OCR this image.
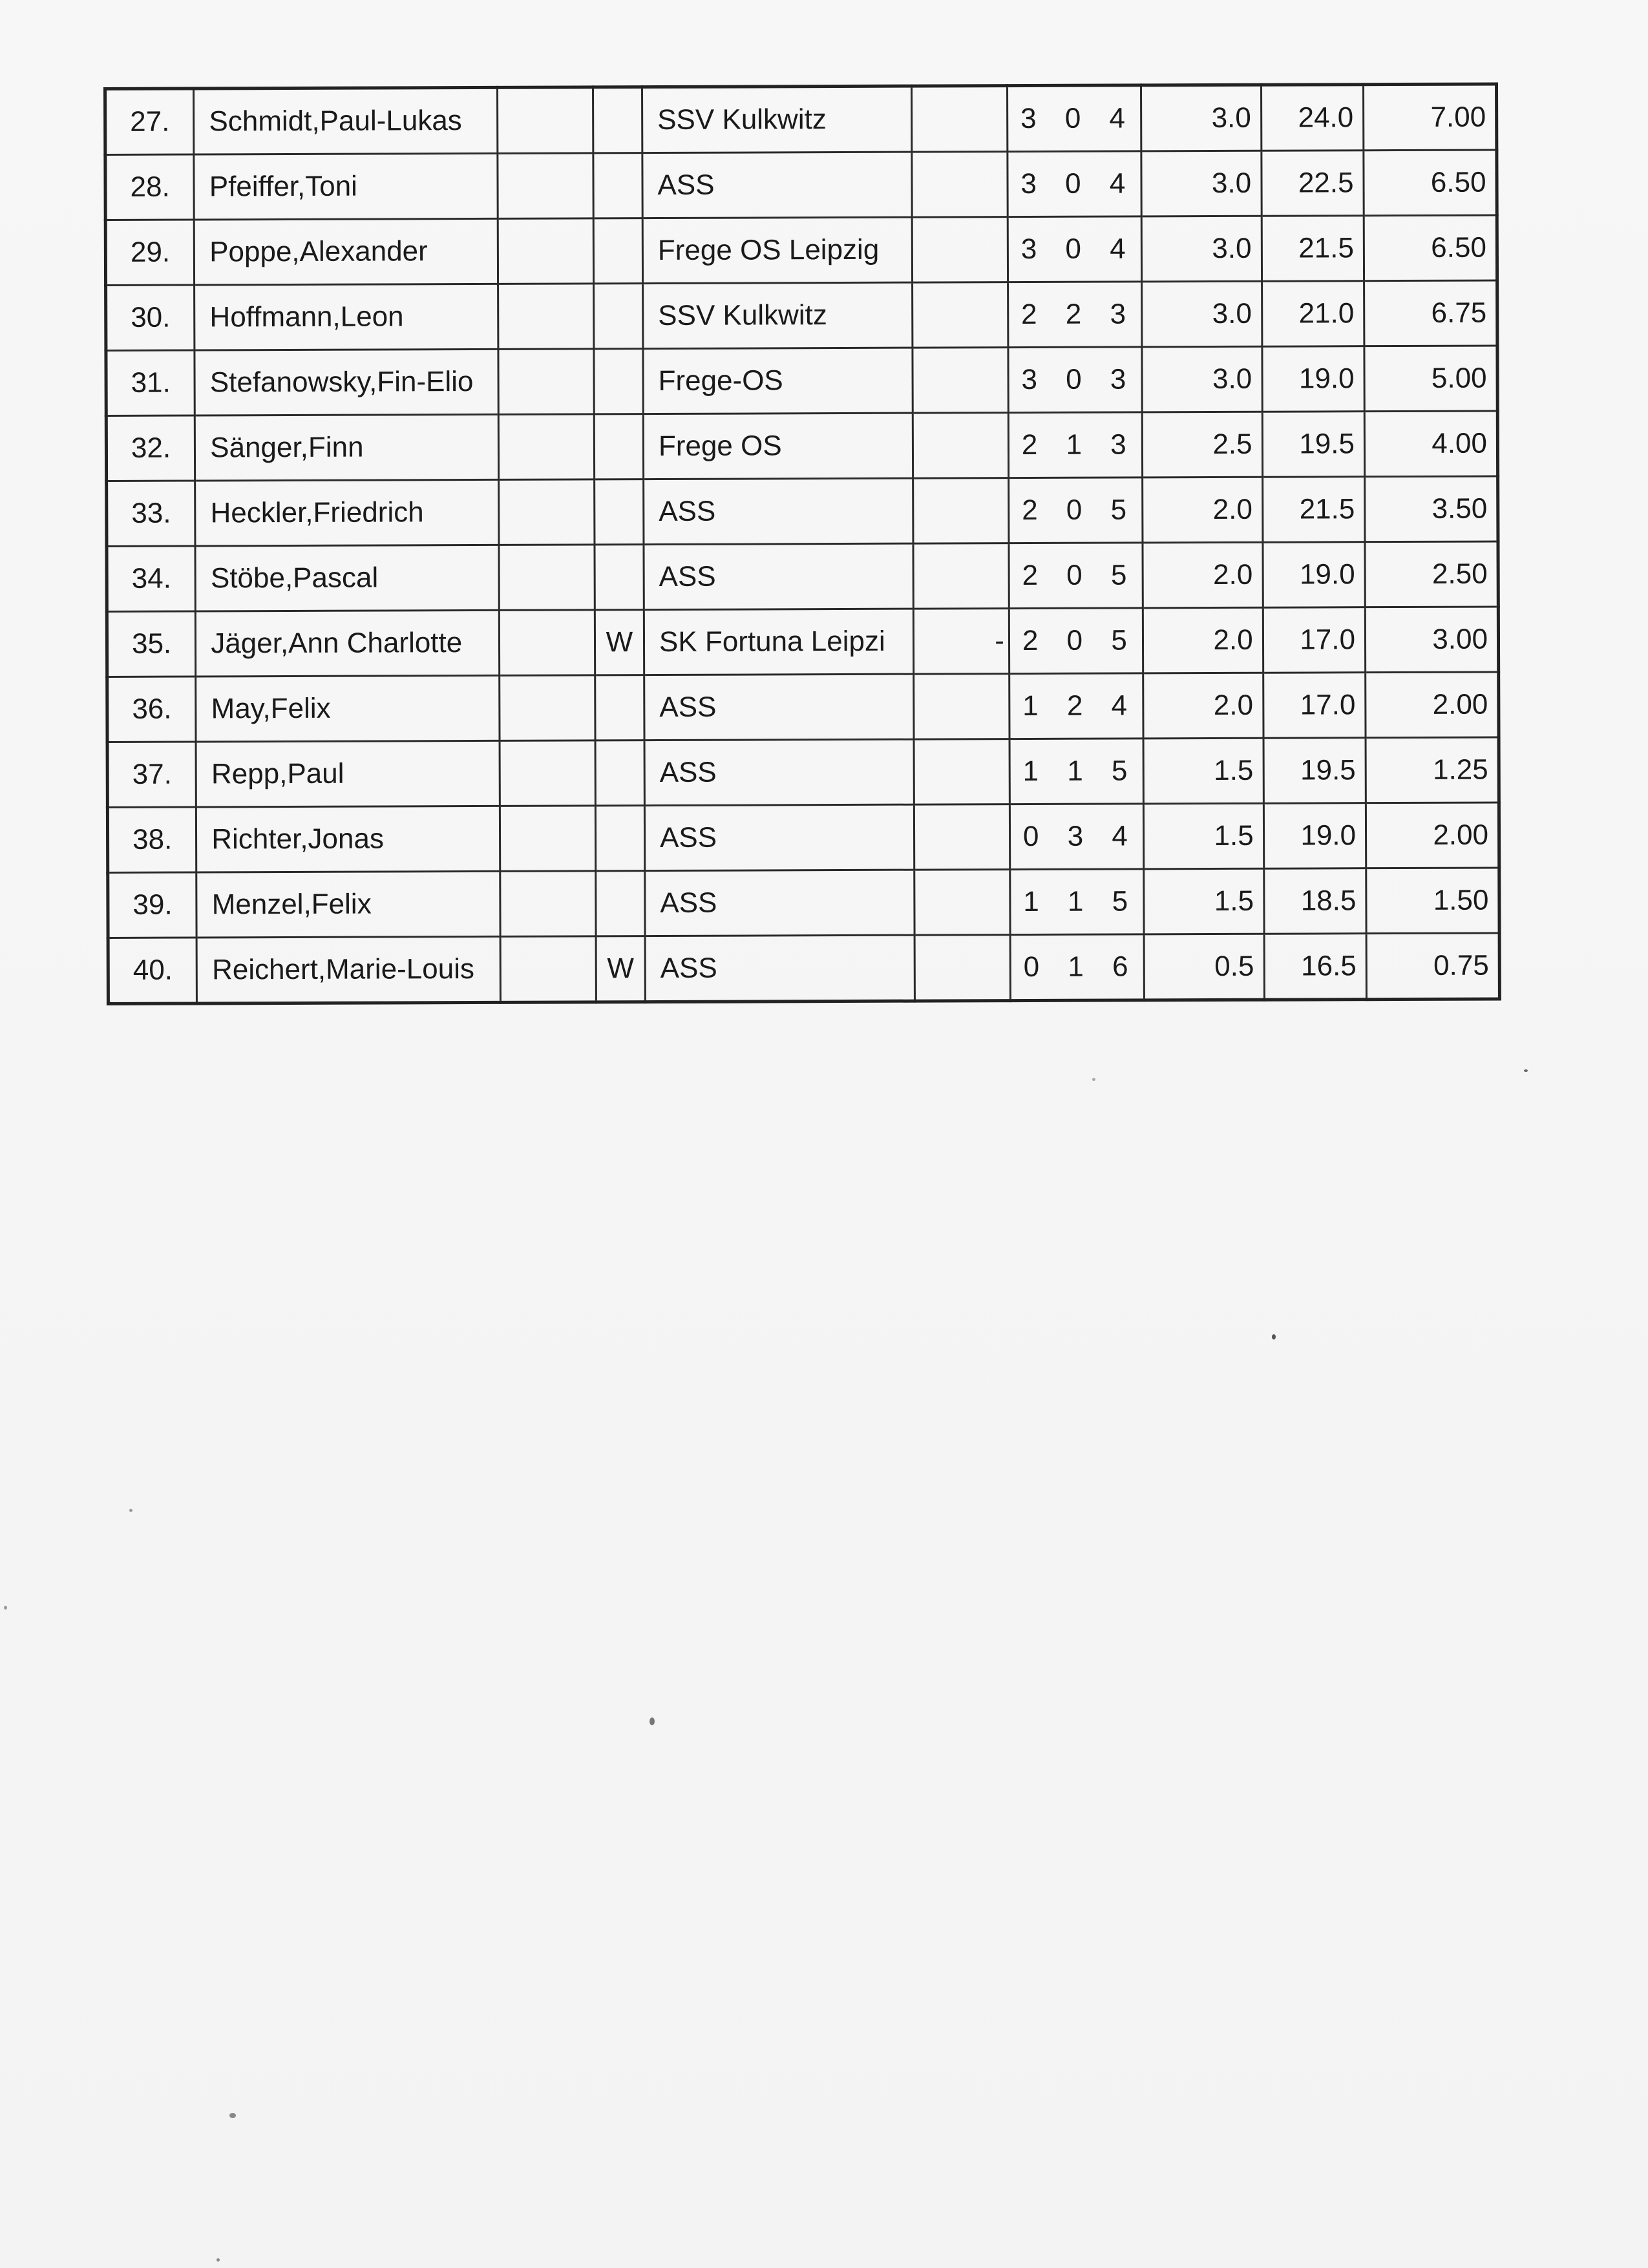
27.	Schmidt,Paul-Lukas			SSV Kulkwitz		3 0 4	3.0	24.0	7.00
28.	Pfeiffer,Toni			ASS		3 0 4	3.0	22.5	6.50
29.	Poppe,Alexander			Frege OS Leipzig		3 0 4	3.0	21.5	6.50
30.	Hoffmann,Leon			SSV Kulkwitz		2 2 3	3.0	21.0	6.75
31.	Stefanowsky,Fin-Elio			Frege-OS		3 0 3	3.0	19.0	5.00
32.	Sänger,Finn			Frege OS		2 1 3	2.5	19.5	4.00
33.	Heckler,Friedrich			ASS		2 0 5	2.0	21.5	3.50
34.	Stöbe,Pascal			ASS		2 0 5	2.0	19.0	2.50
35.	Jäger,Ann Charlotte		W	SK Fortuna Leipzi	-	2 0 5	2.0	17.0	3.00
36.	May,Felix			ASS		1 2 4	2.0	17.0	2.00
37.	Repp,Paul			ASS		1 1 5	1.5	19.5	1.25
38.	Richter,Jonas			ASS		0 3 4	1.5	19.0	2.00
39.	Menzel,Felix			ASS		1 1 5	1.5	18.5	1.50
40.	Reichert,Marie-Louis		W	ASS		0 1 6	0.5	16.5	0.75
